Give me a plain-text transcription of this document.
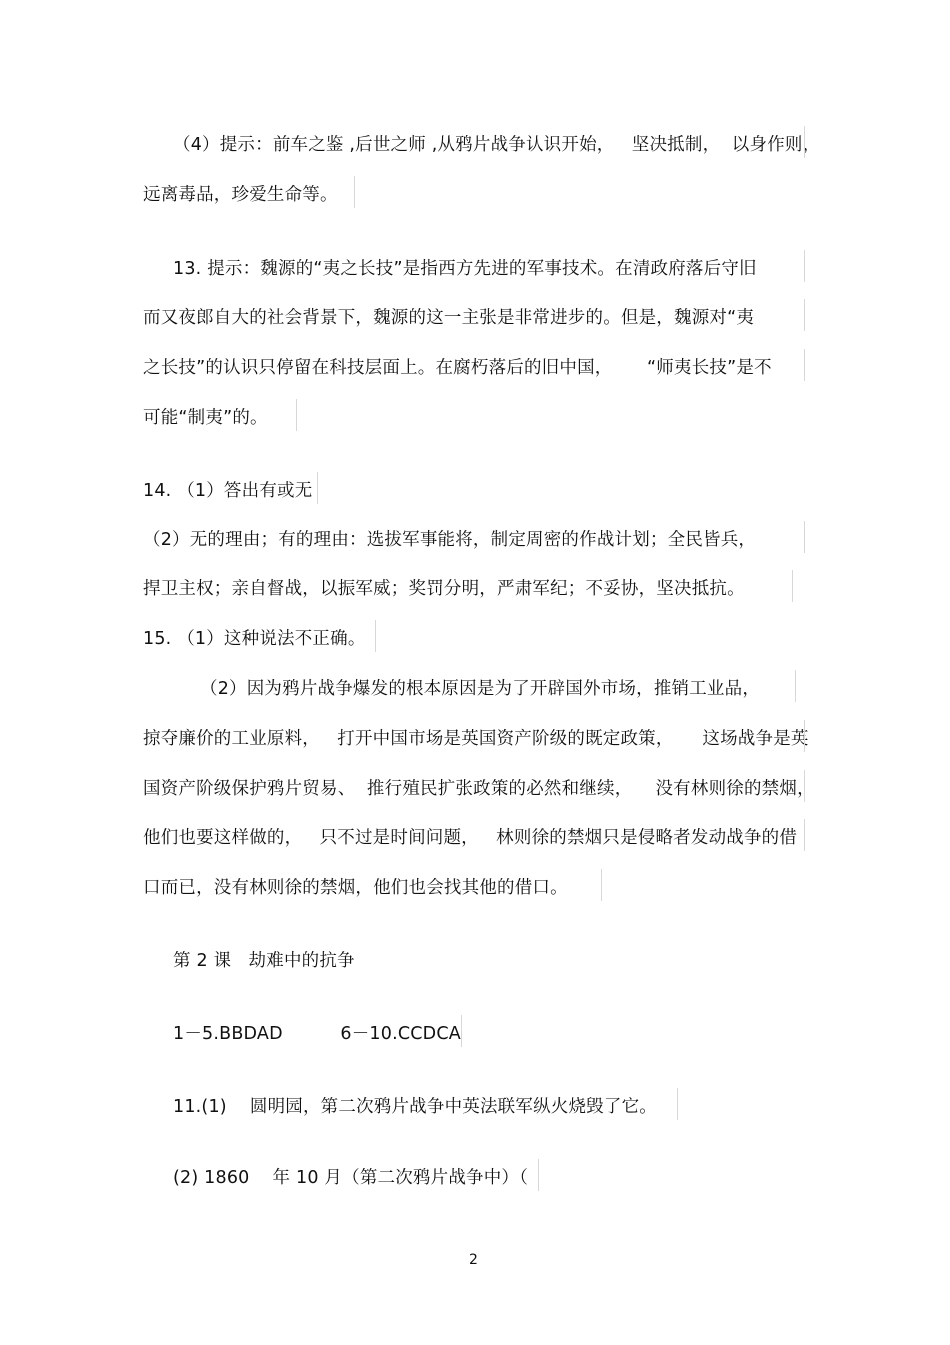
（4）提示：前车之鉴 ,后世之师 ,从鸦片战争认识开始，   坚决抵制，  以身作则，
远离毒品，珍爱生命等。
13. 提示：魏源的“夷之长技”是指西方先进的军事技术。在清政府落后守旧
而又夜郎自大的社会背景下，魏源的这一主张是非常进步的。但是，魏源对“夷
之长技”的认识只停留在科技层面上。在腐朽落后的旧中国，      “师夷长技”是不
可能“制夷”的。
14. （1）答出有或无
（2）无的理由；有的理由：选拔军事能将，制定周密的作战计划；全民皆兵，
捍卫主权；亲自督战，以振军威；奖罚分明，严肃军纪；不妥协，坚决抵抗。
15. （1）这种说法不正确。
（2）因为鸦片战争爆发的根本原因是为了开辟国外市场，推销工业品，
掠夺廉价的工业原料，   打开中国市场是英国资产阶级的既定政策，     这场战争是英
国资产阶级保护鸦片贸易、  推行殖民扩张政策的必然和继续，    没有林则徐的禁烟，
他们也要这样做的，   只不过是时间问题，   林则徐的禁烟只是侵略者发动战争的借
口而已，没有林则徐的禁烟，他们也会找其他的借口。
第 2 课   劫难中的抗争
1－5.BBDAD          6－10.CCDCA
11.(1)    圆明园，第二次鸦片战争中英法联军纵火烧毁了它。
(2) 1860    年 10 月（第二次鸦片战争中）（
2
